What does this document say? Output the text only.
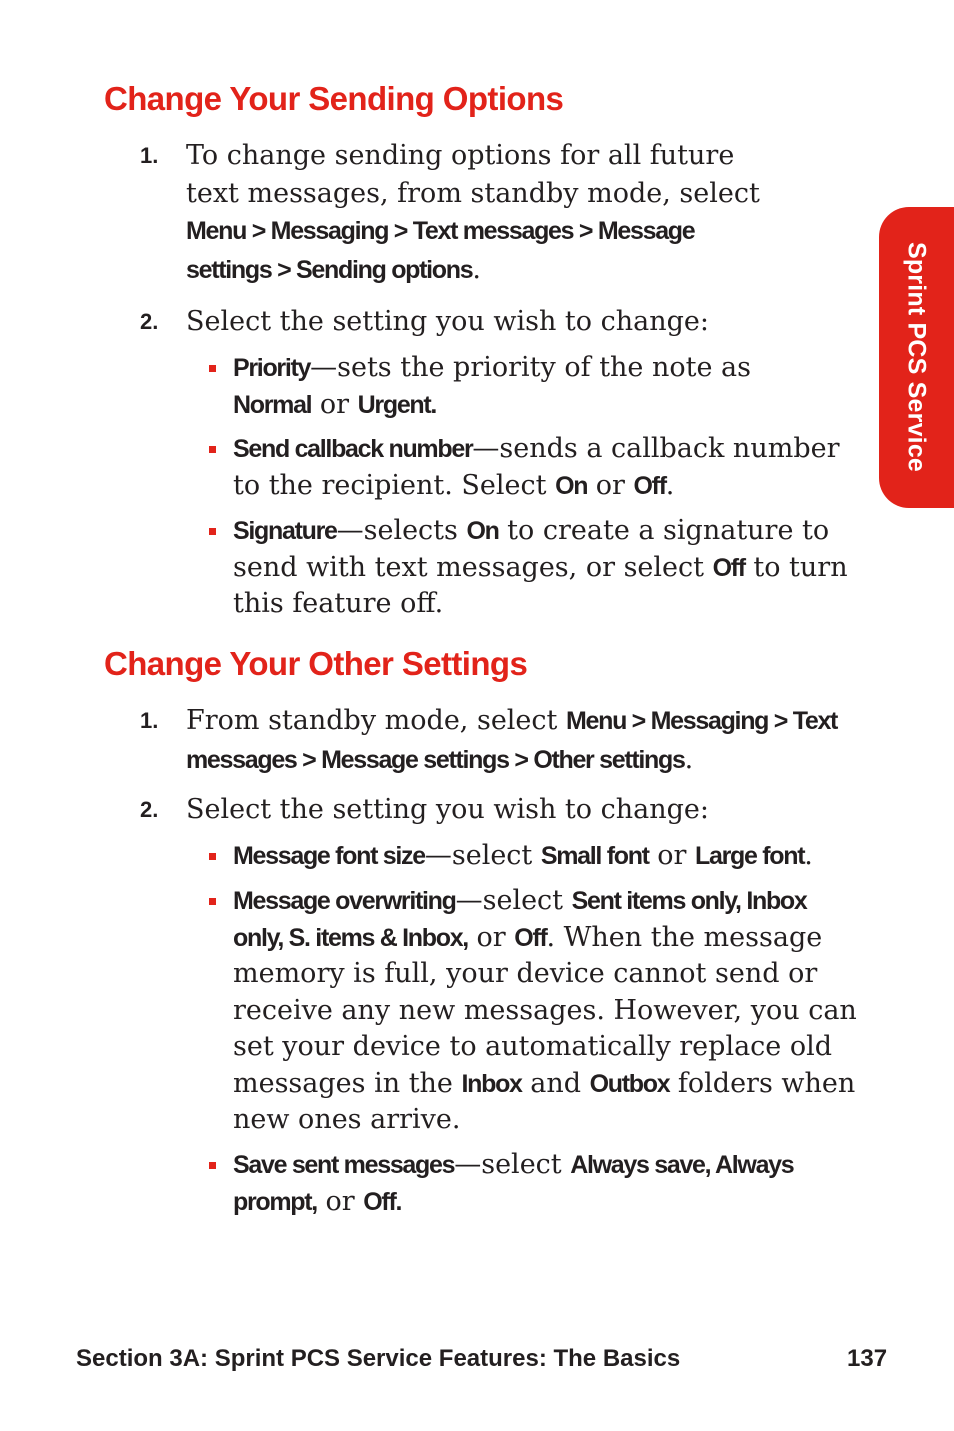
Change Your Sending Options
1. To change sending options for all future text messages, from standby mode, select Menu > Messaging > Text messages > Message settings > Sending options.
2. Select the setting you wish to change:
Priority—sets the priority of the note as Normal or Urgent.
Send callback number—sends a callback number to the recipient. Select On or Off.
Signature—selects On to create a signature to send with text messages, or select Off to turn this feature off.
Change Your Other Settings
1. From standby mode, select Menu > Messaging > Text messages > Message settings > Other settings.
2. Select the setting you wish to change:
Message font size—select Small font or Large font.
Message overwriting—select Sent items only, Inbox only, S. items & Inbox, or Off. When the message memory is full, your device cannot send or receive any new messages. However, you can set your device to automatically replace old messages in the Inbox and Outbox folders when new ones arrive.
Save sent messages—select Always save, Always prompt, or Off.
Sprint PCS Service
Section 3A: Sprint PCS Service Features: The Basics	137
